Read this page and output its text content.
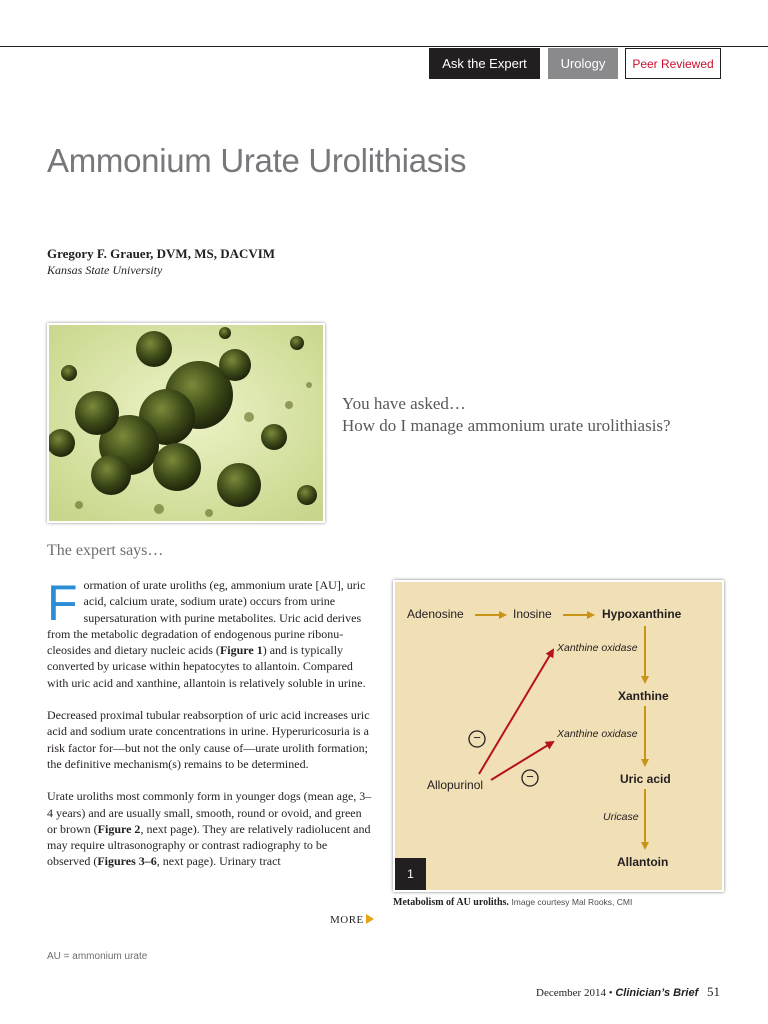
Ask the Expert	Urology	Peer Reviewed
Ammonium Urate Urolithiasis
Gregory F. Grauer, DVM, MS, DACVIM
Kansas State University
You have asked…
How do I manage ammonium urate urolithiasis?
The expert says…

Formation of urate uroliths (eg, ammonium urate [AU], uric acid, calcium urate, sodium urate) occurs from urine supersaturation with purine metabolites. Uric acid derives from the metabolic degradation of endogenous purine ribonucleosides and dietary nucleic acids (Figure 1) and is typically converted by uricase within hepatocytes to allantoin. Compared with uric acid and xanthine, allantoin is relatively soluble in urine.

Decreased proximal tubular reabsorption of uric acid increases uric acid and sodium urate concentrations in urine. Hyperuricosuria is a risk factor for—but not the only cause of—urate urolith formation; the definitive mechanism(s) remains to be determined.

Urate uroliths most commonly form in younger dogs (mean age, 3–4 years) and are usually small, smooth, round or ovoid, and green or brown (Figure 2, next page). They are relatively radiolucent and may require ultrasonography or contrast radiography to be observed (Figures 3–6, next page). Urinary tract

MORE
AU = ammonium urate
Adenosine	Inosine	Hypoxanthine
Xanthine oxidase
Xanthine
Xanthine oxidase
Allopurinol	Uric acid
Uricase
Allantoin
−
−
1
Metabolism of AU uroliths. Image courtesy Mal Rooks, CMI
December 2014 • Clinician’s Brief 51
